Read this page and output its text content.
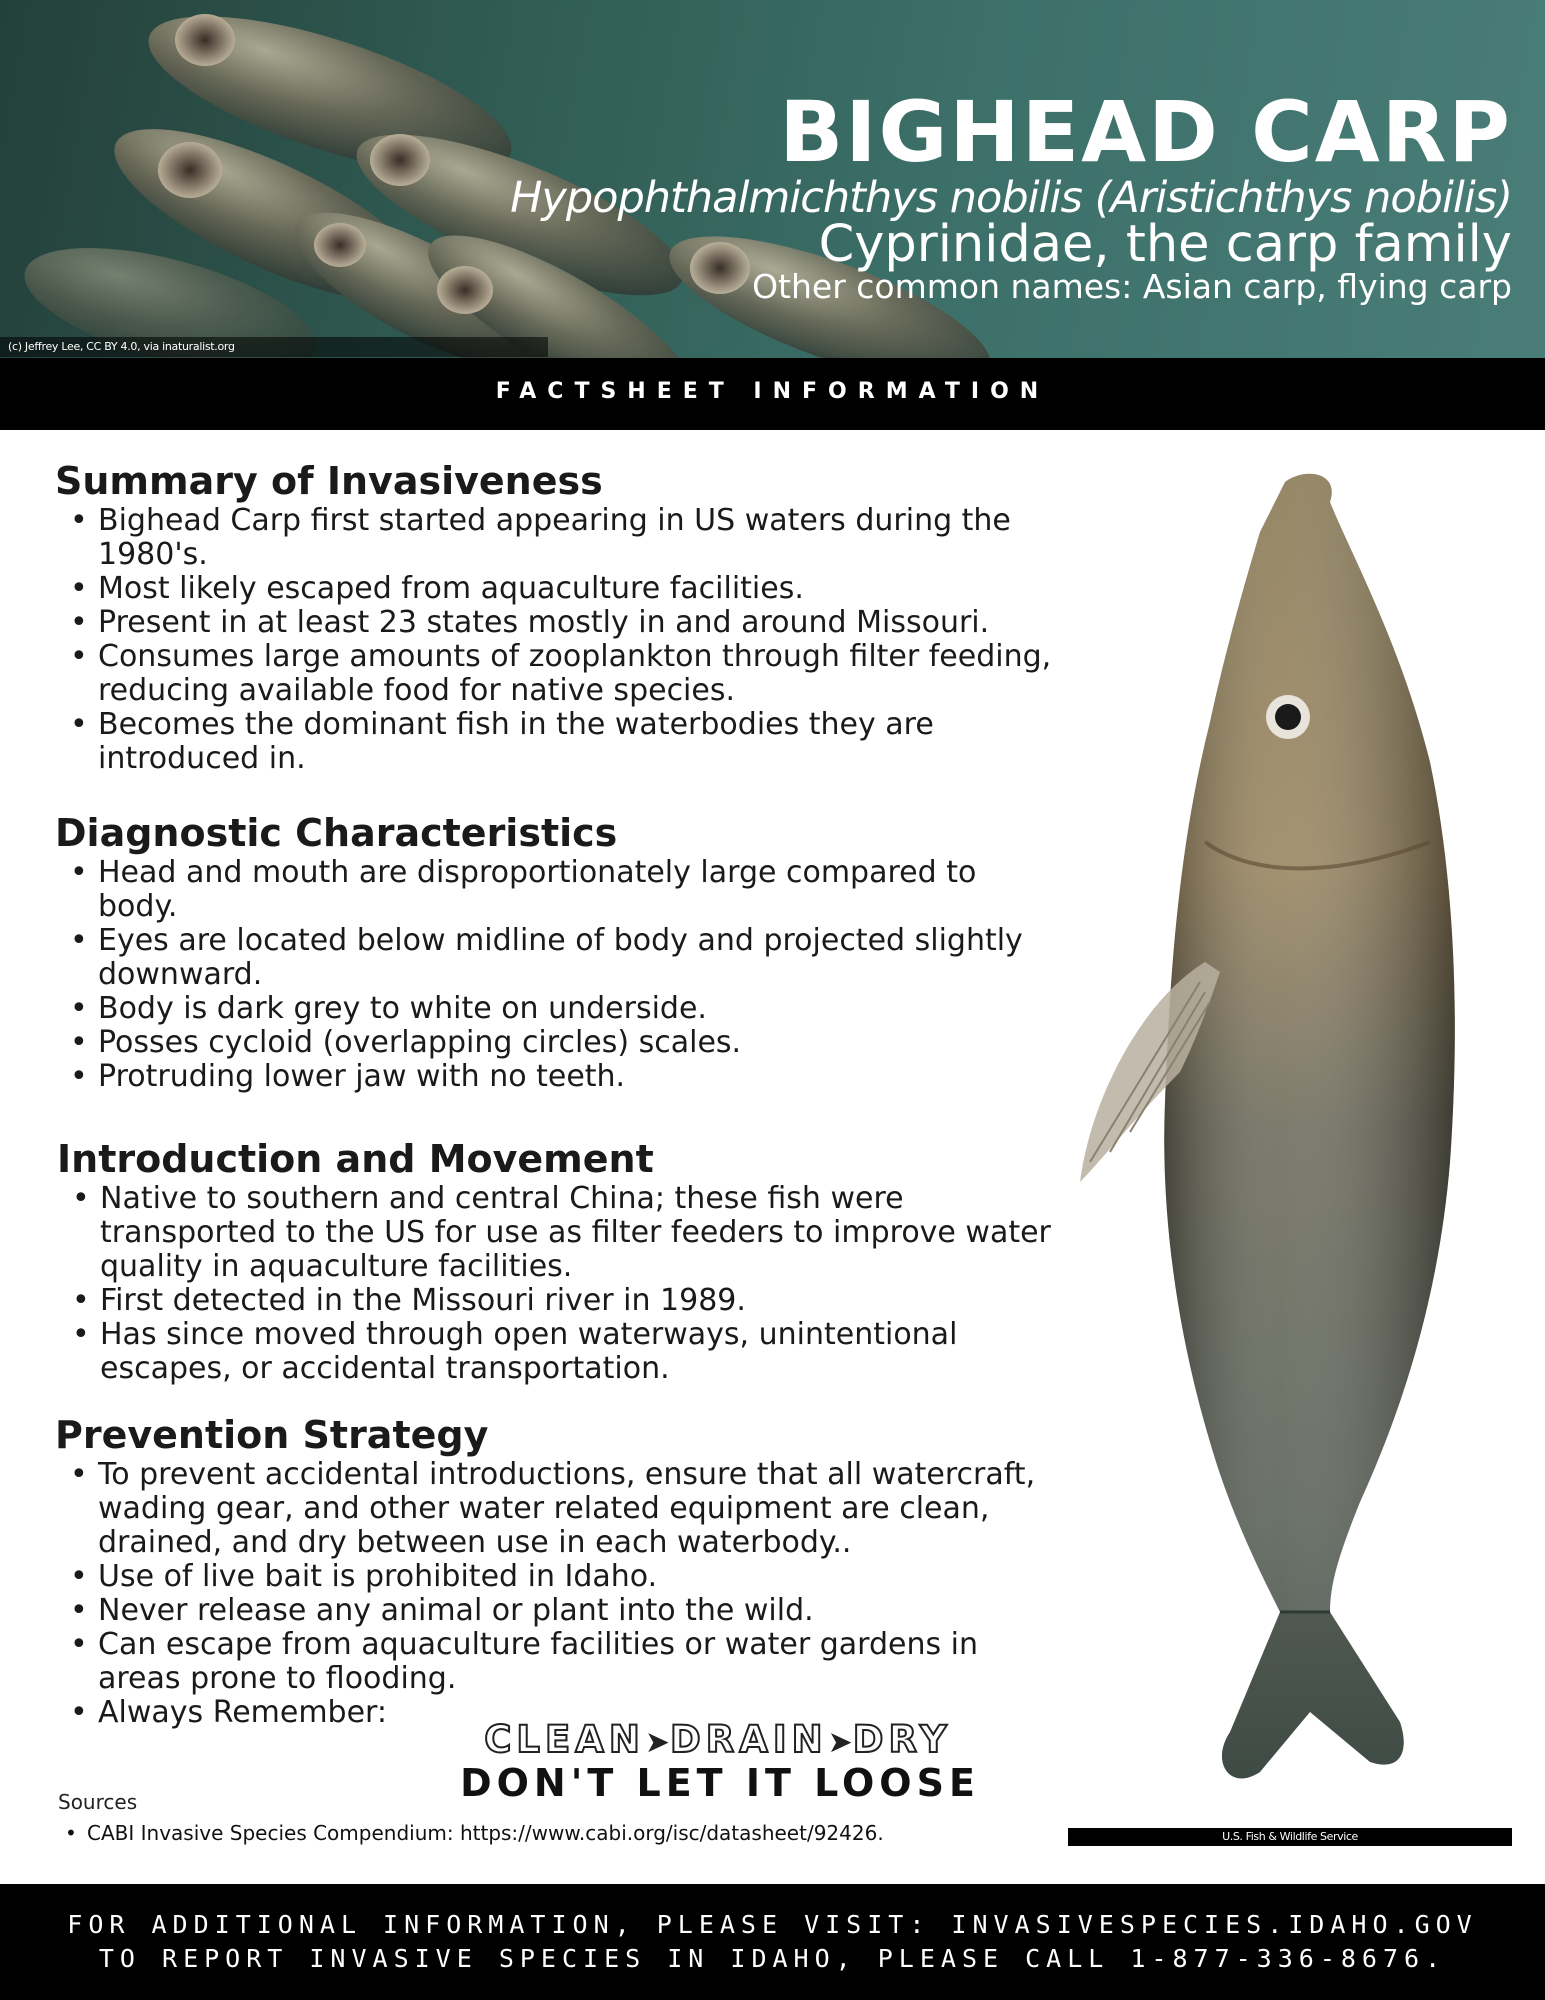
(c) Jeffrey Lee, CC BY 4.0, via inaturalist.org
BIGHEAD CARP
Hypophthalmichthys nobilis (Aristichthys nobilis)
Cyprinidae, the carp family
Other common names: Asian carp, flying carp
FACTSHEET INFORMATION
Summary of Invasiveness
• Bighead Carp first started appearing in US waters during the 1980's.
• Most likely escaped from aquaculture facilities.
• Present in at least 23 states mostly in and around Missouri.
• Consumes large amounts of zooplankton through filter feeding, reducing available food for native species.
• Becomes the dominant fish in the waterbodies they are introduced in.
Diagnostic Characteristics
• Head and mouth are disproportionately large compared to body.
• Eyes are located below midline of body and projected slightly downward.
• Body is dark grey to white on underside.
• Posses cycloid (overlapping circles) scales.
• Protruding lower jaw with no teeth.
Introduction and Movement
• Native to southern and central China; these fish were transported to the US for use as filter feeders to improve water quality in aquaculture facilities.
• First detected in the Missouri river in 1989.
• Has since moved through open waterways, unintentional escapes, or accidental transportation.
Prevention Strategy
• To prevent accidental introductions, ensure that all watercraft, wading gear, and other water related equipment are clean, drained, and dry between use in each waterbody..
• Use of live bait is prohibited in Idaho.
• Never release any animal or plant into the wild.
• Can escape from aquaculture facilities or water gardens in areas prone to flooding.
• Always Remember:
CLEAN➤DRAIN➤DRY
DON'T LET IT LOOSE
Sources
• CABI Invasive Species Compendium: https://www.cabi.org/isc/datasheet/92426.	U.S. Fish & Wildlife Service
FOR ADDITIONAL INFORMATION, PLEASE VISIT: INVASIVESPECIES.IDAHO.GOV
TO REPORT INVASIVE SPECIES IN IDAHO, PLEASE CALL 1-877-336-8676.
